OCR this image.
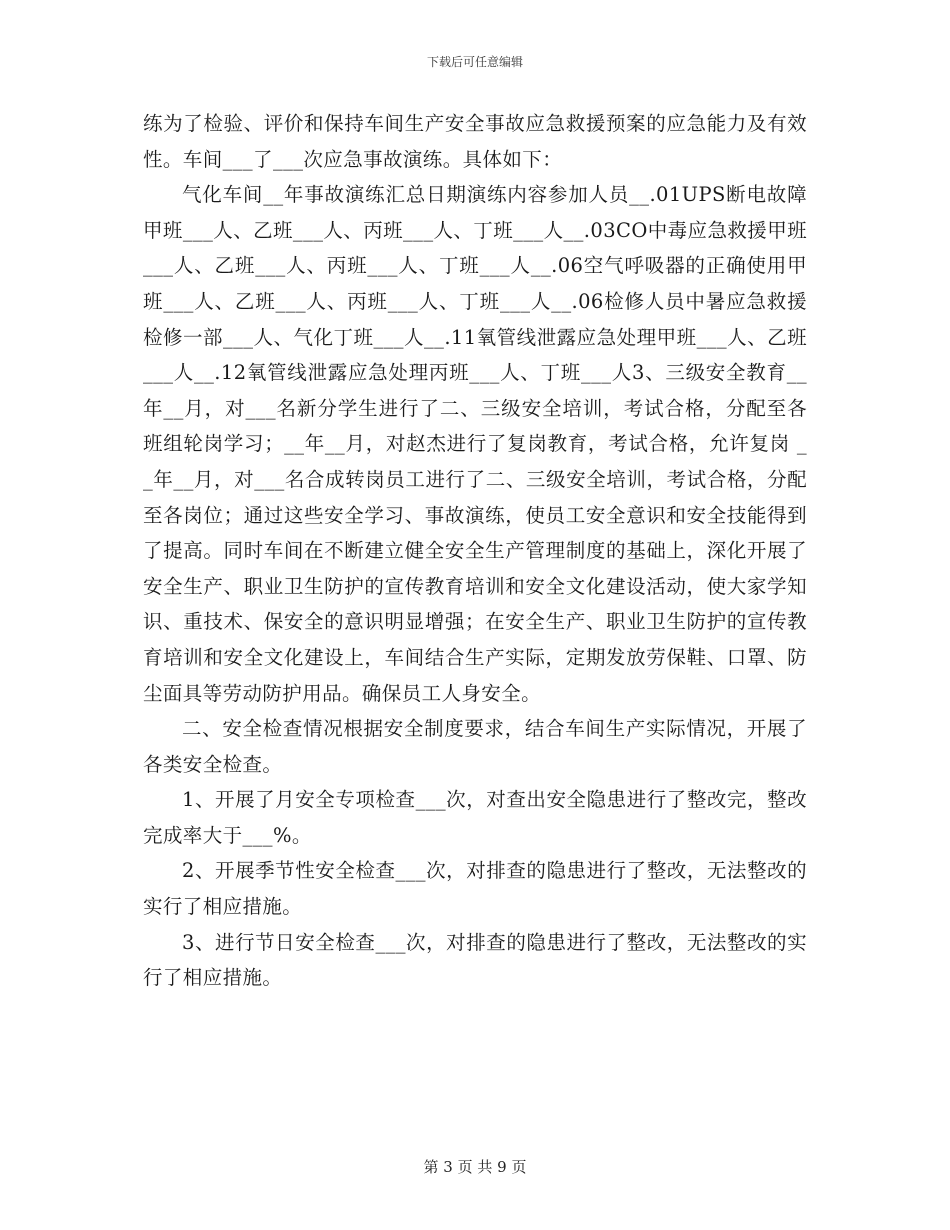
下载后可任意编辑

练为了检验、评价和保持车间生产安全事故应急救援预案的应急能力及有效性。车间___了___次应急事故演练。具体如下：

气化车间__年事故演练汇总日期演练内容参加人员__.01UPS断电故障甲班___人、乙班___人、丙班___人、丁班___人__.03CO中毒应急救援甲班___人、乙班___人、丙班___人、丁班___人__.06空气呼吸器的正确使用甲班___人、乙班___人、丙班___人、丁班___人__.06检修人员中暑应急救援检修一部___人、气化丁班___人__.11氧管线泄露应急处理甲班___人、乙班___人__.12氧管线泄露应急处理丙班___人、丁班___人3、三级安全教育__年__月，对___名新分学生进行了二、三级安全培训，考试合格，分配至各班组轮岗学习；__年__月，对赵杰进行了复岗教育，考试合格，允许复岗 __年__月，对___名合成转岗员工进行了二、三级安全培训，考试合格，分配至各岗位；通过这些安全学习、事故演练，使员工安全意识和安全技能得到了提高。同时车间在不断建立健全安全生产管理制度的基础上，深化开展了安全生产、职业卫生防护的宣传教育培训和安全文化建设活动，使大家学知识、重技术、保安全的意识明显增强；在安全生产、职业卫生防护的宣传教育培训和安全文化建设上，车间结合生产实际，定期发放劳保鞋、口罩、防尘面具等劳动防护用品。确保员工人身安全。

二、安全检查情况根据安全制度要求，结合车间生产实际情况，开展了各类安全检查。

1、开展了月安全专项检查___次，对查出安全隐患进行了整改完，整改完成率大于___%。

2、开展季节性安全检查___次，对排查的隐患进行了整改，无法整改的实行了相应措施。

3、进行节日安全检查___次，对排查的隐患进行了整改，无法整改的实行了相应措施。

第 3 页 共 9 页
